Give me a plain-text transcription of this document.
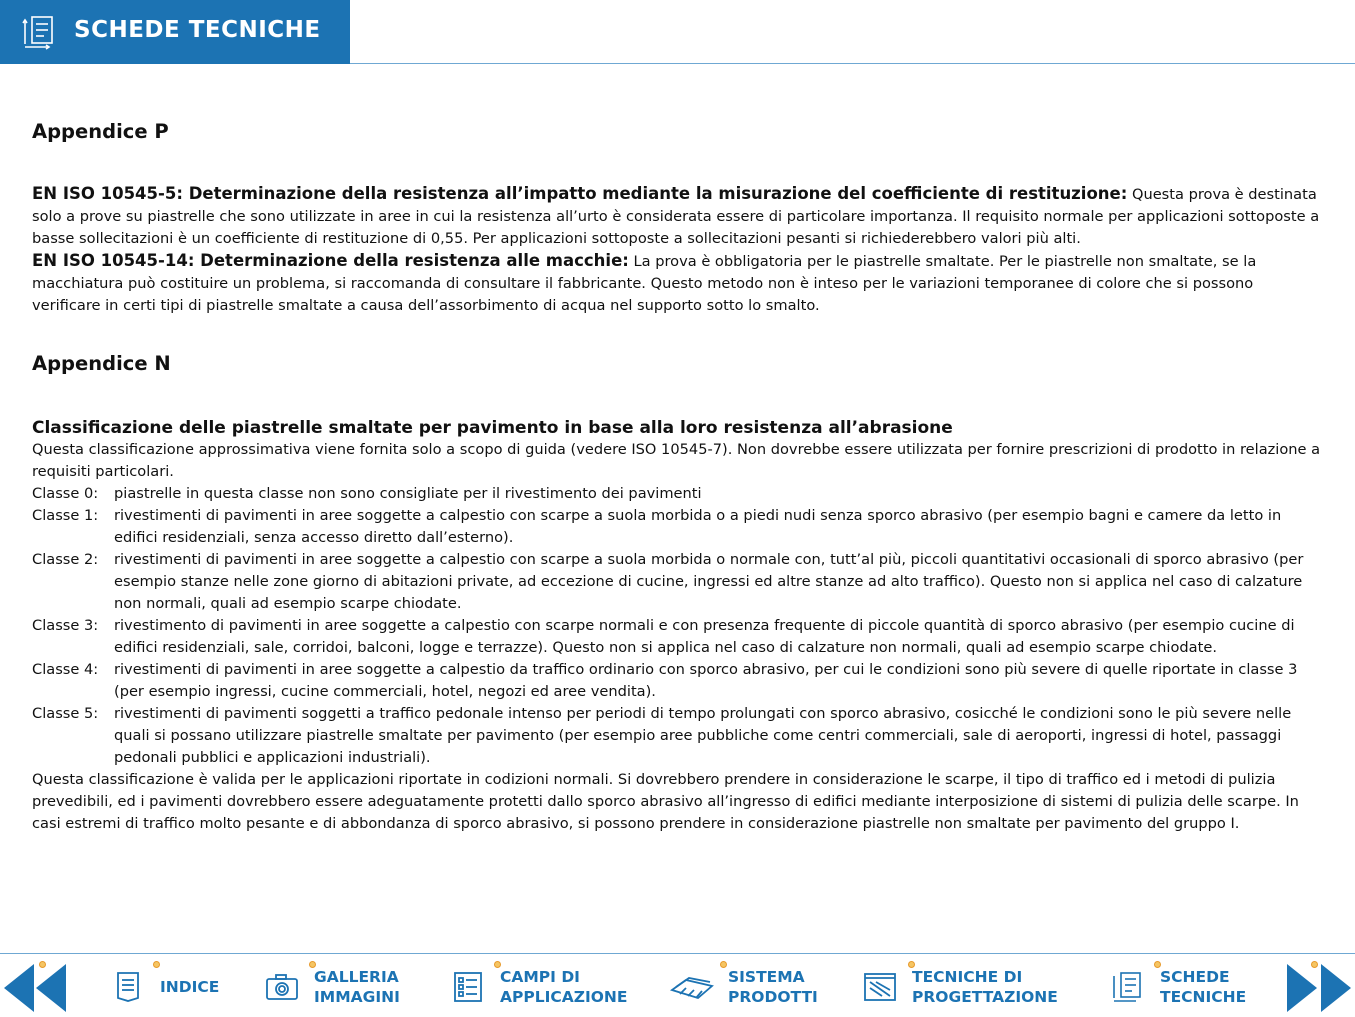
SCHEDE TECNICHE
Appendice P

EN ISO 10545-5: Determinazione della resistenza all’impatto mediante la misurazione del coefficiente di restituzione: Questa prova è destinata solo a prove su piastrelle che sono utilizzate in aree in cui la resistenza all’urto è considerata essere di particolare importanza. Il requisito normale per applicazioni sottoposte a basse sollecitazioni è un coefficiente di restituzione di 0,55. Per applicazioni sottoposte a sollecitazioni pesanti si richiederebbero valori più alti.

EN ISO 10545-14: Determinazione della resistenza alle macchie: La prova è obbligatoria per le piastrelle smaltate. Per le piastrelle non smaltate, se la macchiatura può costituire un problema, si raccomanda di consultare il fabbricante. Questo metodo non è inteso per le variazioni temporanee di colore che si possono verificare in certi tipi di piastrelle smaltate a causa dell’assorbimento di acqua nel supporto sotto lo smalto.

Appendice N

Classificazione delle piastrelle smaltate per pavimento in base alla loro resistenza all’abrasione

Questa classificazione approssimativa viene fornita solo a scopo di guida (vedere ISO 10545-7). Non dovrebbe essere utilizzata per fornire prescrizioni di prodotto in relazione a requisiti particolari.

Classe 0:	piastrelle in questa classe non sono consigliate per il rivestimento dei pavimenti
Classe 1:	rivestimenti di pavimenti in aree soggette a calpestio con scarpe a suola morbida o a piedi nudi senza sporco abrasivo (per esempio bagni e camere da letto in edifici residenziali, senza accesso diretto dall’esterno).
Classe 2:	rivestimenti di pavimenti in aree soggette a calpestio con scarpe a suola morbida o normale con, tutt’al più, piccoli quantitativi occasionali di sporco abrasivo (per esempio stanze nelle zone giorno di abitazioni private, ad eccezione di cucine, ingressi ed altre stanze ad alto traffico). Questo non si applica nel caso di calzature non normali, quali ad esempio scarpe chiodate.
Classe 3:	rivestimento di pavimenti in aree soggette a calpestio con scarpe normali e con presenza frequente di piccole quantità di sporco abrasivo (per esempio cucine di edifici residenziali, sale, corridoi, balconi, logge e terrazze). Questo non si applica nel caso di calzature non normali, quali ad esempio scarpe chiodate.
Classe 4:	rivestimenti di pavimenti in aree soggette a calpestio da traffico ordinario con sporco abrasivo, per cui le condizioni sono più severe di quelle riportate in classe 3 (per esempio ingressi, cucine commerciali, hotel, negozi ed aree vendita).
Classe 5:	rivestimenti di pavimenti soggetti a traffico pedonale intenso per periodi di tempo prolungati con sporco abrasivo, cosicché le condizioni sono le più severe nelle quali si possano utilizzare piastrelle smaltate per pavimento (per esempio aree pubbliche come centri commerciali, sale di aeroporti, ingressi di hotel, passaggi pedonali pubblici e applicazioni industriali).

Questa classificazione è valida per le applicazioni riportate in codizioni normali. Si dovrebbero prendere in considerazione le scarpe, il tipo di traffico ed i metodi di pulizia prevedibili, ed i pavimenti dovrebbero essere adeguatamente protetti dallo sporco abrasivo all’ingresso di edifici mediante interposizione di sistemi di pulizia delle scarpe. In casi estremi di traffico molto pesante e di abbondanza di sporco abrasivo, si possono prendere in considerazione piastrelle non smaltate per pavimento del gruppo I.

INDICE
GALLERIA
IMMAGINI
CAMPI DI
APPLICAZIONE
SISTEMA
PRODOTTI
TECNICHE DI
PROGETTAZIONE
SCHEDE
TECNICHE
